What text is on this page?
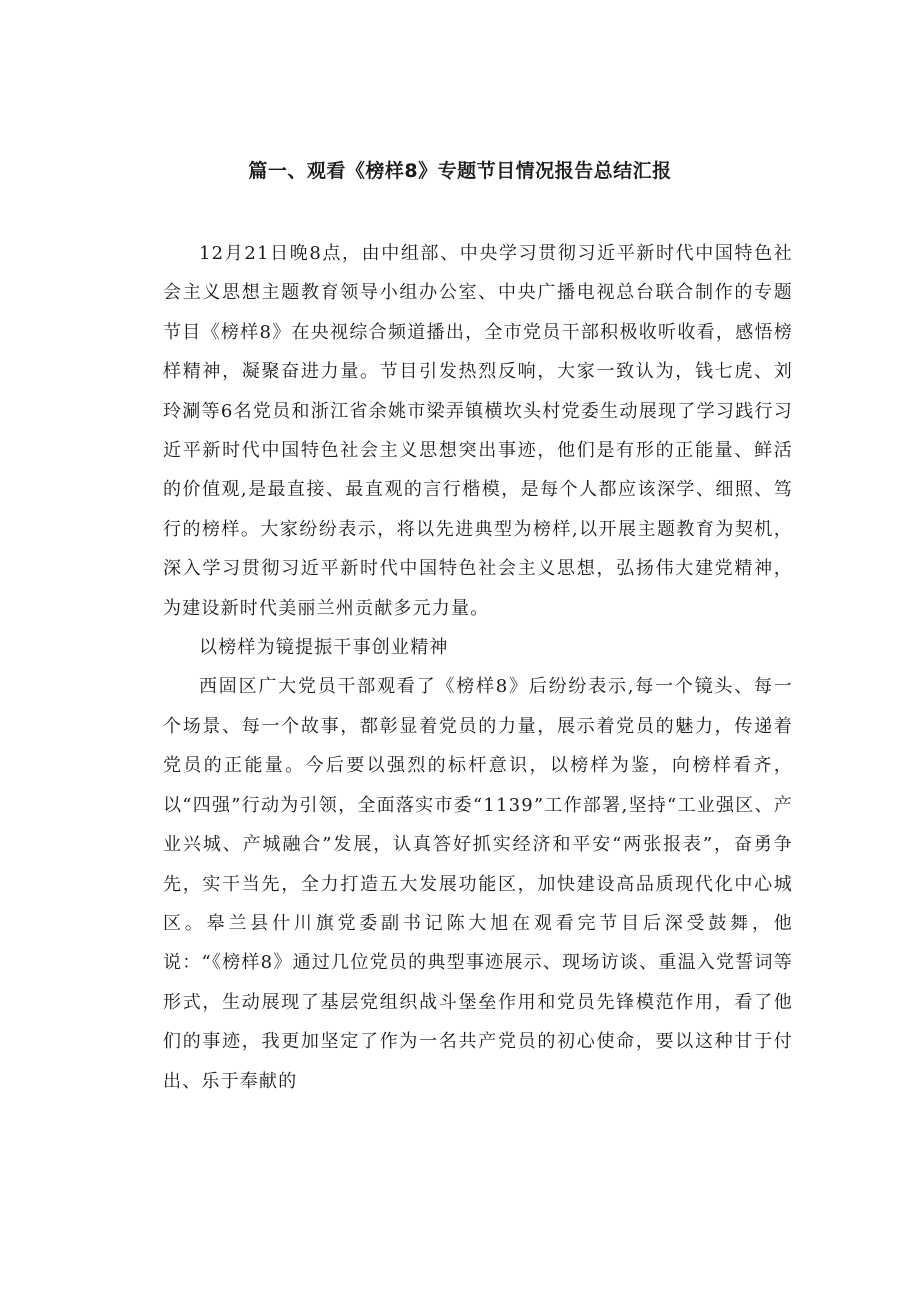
篇一、观看《榜样8》专题节目情况报告总结汇报

12月21日晚8点，由中组部、中央学习贯彻习近平新时代中国特色社会主义思想主题教育领导小组办公室、中央广播电视总台联合制作的专题节目《榜样8》在央视综合频道播出，全市党员干部积极收听收看，感悟榜样精神，凝聚奋进力量。节目引发热烈反响，大家一致认为，钱七虎、刘玲涮等6名党员和浙江省余姚市梁弄镇横坎头村党委生动展现了学习践行习近平新时代中国特色社会主义思想突出事迹，他们是有形的正能量、鲜活的价值观,是最直接、最直观的言行楷模，是每个人都应该深学、细照、笃行的榜样。大家纷纷表示，将以先进典型为榜样,以开展主题教育为契机，深入学习贯彻习近平新时代中国特色社会主义思想，弘扬伟大建党精神，为建设新时代美丽兰州贡献多元力量。

以榜样为镜提振干事创业精神

西固区广大党员干部观看了《榜样8》后纷纷表示,每一个镜头、每一个场景、每一个故事，都彰显着党员的力量，展示着党员的魅力，传递着党员的正能量。今后要以强烈的标杆意识，以榜样为鉴，向榜样看齐，以“四强”行动为引领，全面落实市委“1139”工作部署,坚持“工业强区、产业兴城、产城融合”发展，认真答好抓实经济和平安“两张报表”，奋勇争先，实干当先，全力打造五大发展功能区，加快建设高品质现代化中心城区。皋兰县什川旗党委副书记陈大旭在观看完节目后深受鼓舞，他说：“《榜样8》通过几位党员的典型事迹展示、现场访谈、重温入党誓词等形式，生动展现了基层党组织战斗堡垒作用和党员先锋模范作用，看了他们的事迹，我更加坚定了作为一名共产党员的初心使命，要以这种甘于付出、乐于奉献的
